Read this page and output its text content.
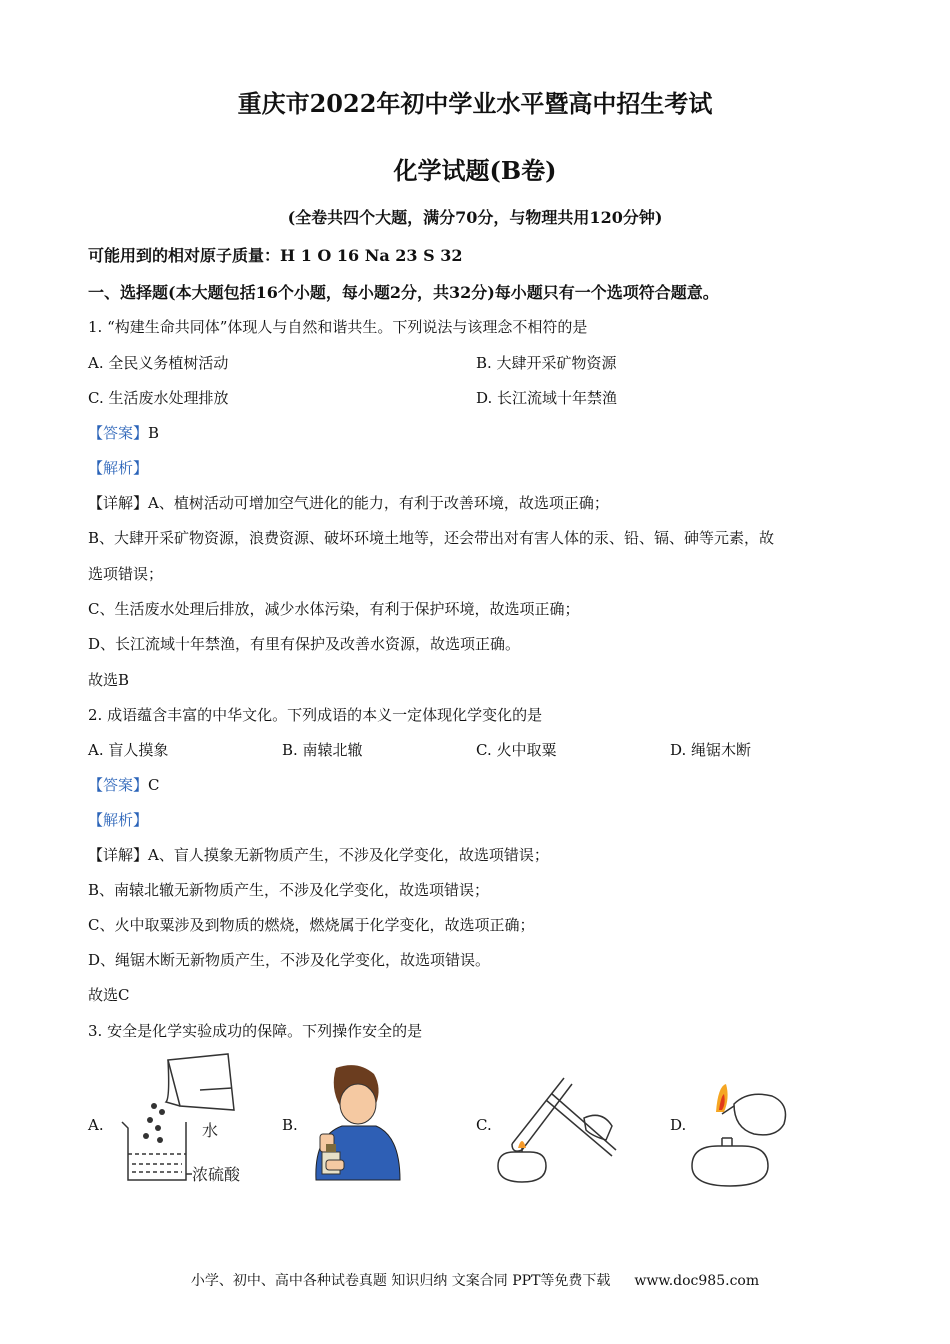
重庆市2022年初中学业水平暨高中招生考试
化学试题(B卷)
(全卷共四个大题，满分70分，与物理共用120分钟)
可能用到的相对原子质量：H 1 O 16 Na 23 S 32
一、选择题(本大题包括16个小题，每小题2分，共32分)每小题只有一个选项符合题意。
1. “构建生命共同体”体现人与自然和谐共生。下列说法与该理念不相符的是
A. 全民义务植树活动	B. 大肆开采矿物资源
C. 生活废水处理排放	D. 长江流域十年禁渔
【答案】B
【解析】
【详解】A、植树活动可增加空气进化的能力，有利于改善环境，故选项正确；
B、大肆开采矿物资源，浪费资源、破坏环境土地等，还会带出对有害人体的汞、铅、镉、砷等元素，故
选项错误；
C、生活废水处理后排放，减少水体污染，有利于保护环境，故选项正确；
D、长江流域十年禁渔，有里有保护及改善水资源，故选项正确。
故选B
2. 成语蕴含丰富的中华文化。下列成语的本义一定体现化学变化的是
A. 盲人摸象	B. 南辕北辙	C. 火中取粟	D. 绳锯木断
【答案】C
【解析】
【详解】A、盲人摸象无新物质产生，不涉及化学变化，故选项错误；
B、南辕北辙无新物质产生，不涉及化学变化，故选项错误；
C、火中取粟涉及到物质的燃烧，燃烧属于化学变化，故选项正确；
D、绳锯木断无新物质产生，不涉及化学变化，故选项错误。
故选C
3. 安全是化学实验成功的保障。下列操作安全的是
A.	B.	C.	D.
水
浓硫酸
小学、初中、高中各种试卷真题 知识归纳 文案合同 PPT等免费下载 www.doc985.com
